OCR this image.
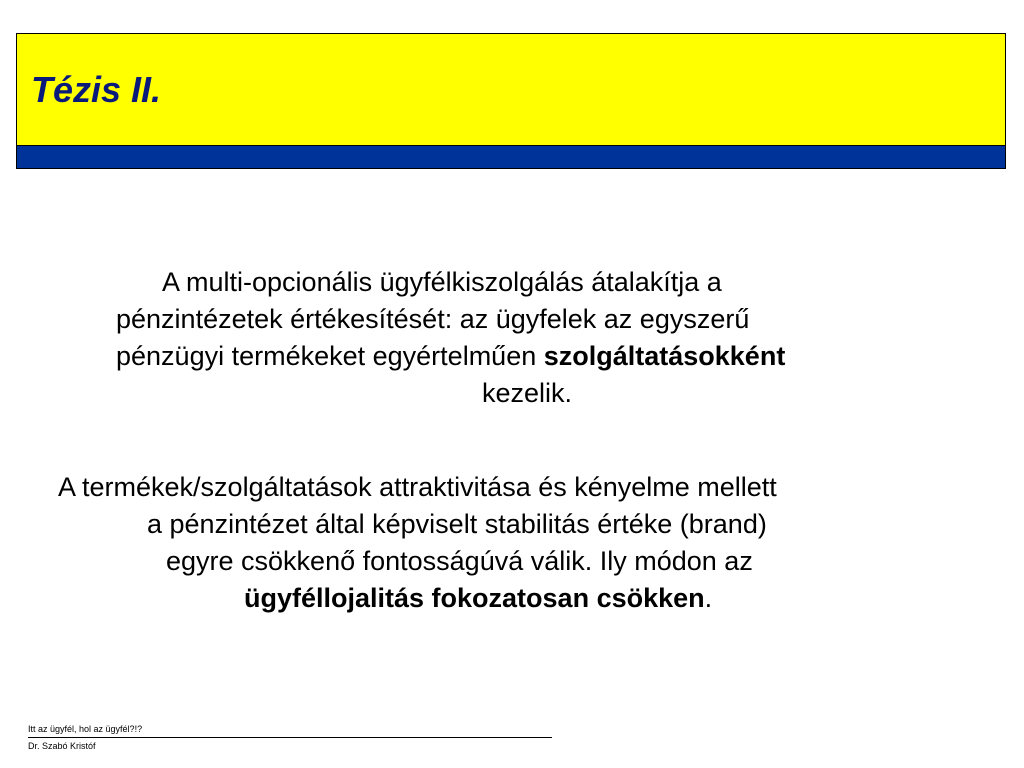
Tézis II.
A multi-opcionális ügyfélkiszolgálás átalakítja a
pénzintézetek értékesítését: az ügyfelek az egyszerű
pénzügyi termékeket egyértelműen szolgáltatásokként
kezelik.
A termékek/szolgáltatások attraktivitása és kényelme mellett
a pénzintézet által képviselt stabilitás értéke (brand)
egyre csökkenő fontosságúvá válik. Ily módon az
ügyféllojalitás fokozatosan csökken.
Itt az ügyfél, hol az ügyfél?!?
Dr. Szabó Kristóf
